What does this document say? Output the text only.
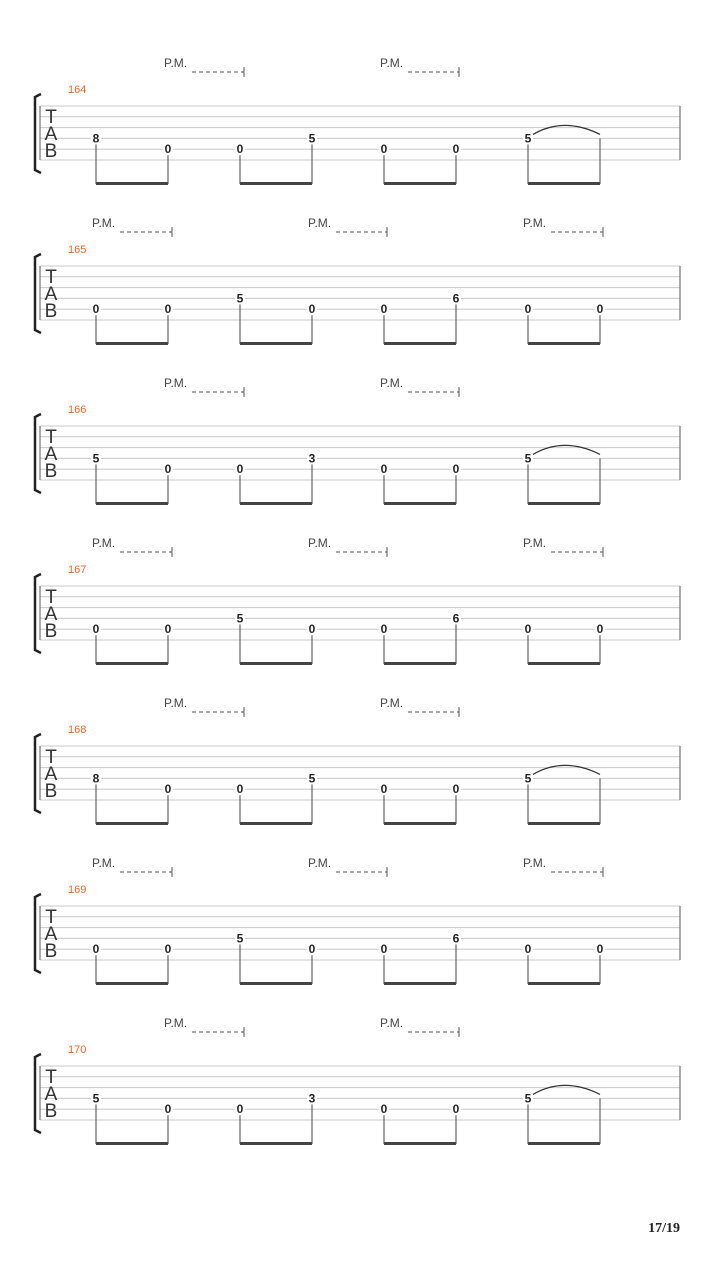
T
A
B
164
P.M.	P.M.
8
0	0
5
0	0
5
T
A
B
165
P.M.	P.M.	P.M.
0	0
5
0	0
6
0	0
T
A
B
166
P.M.	P.M.
5
0	0
3
0	0
5
T
A
B
167
P.M.	P.M.	P.M.
0	0
5
0	0
6
0	0
T
A
B
168
P.M.	P.M.
8
0	0
5
0	0
5
T
A
B
169
P.M.	P.M.	P.M.
0	0
5
0	0
6
0	0
T
A
B
170
P.M.	P.M.
5
0	0
3
0	0
5
17/19
